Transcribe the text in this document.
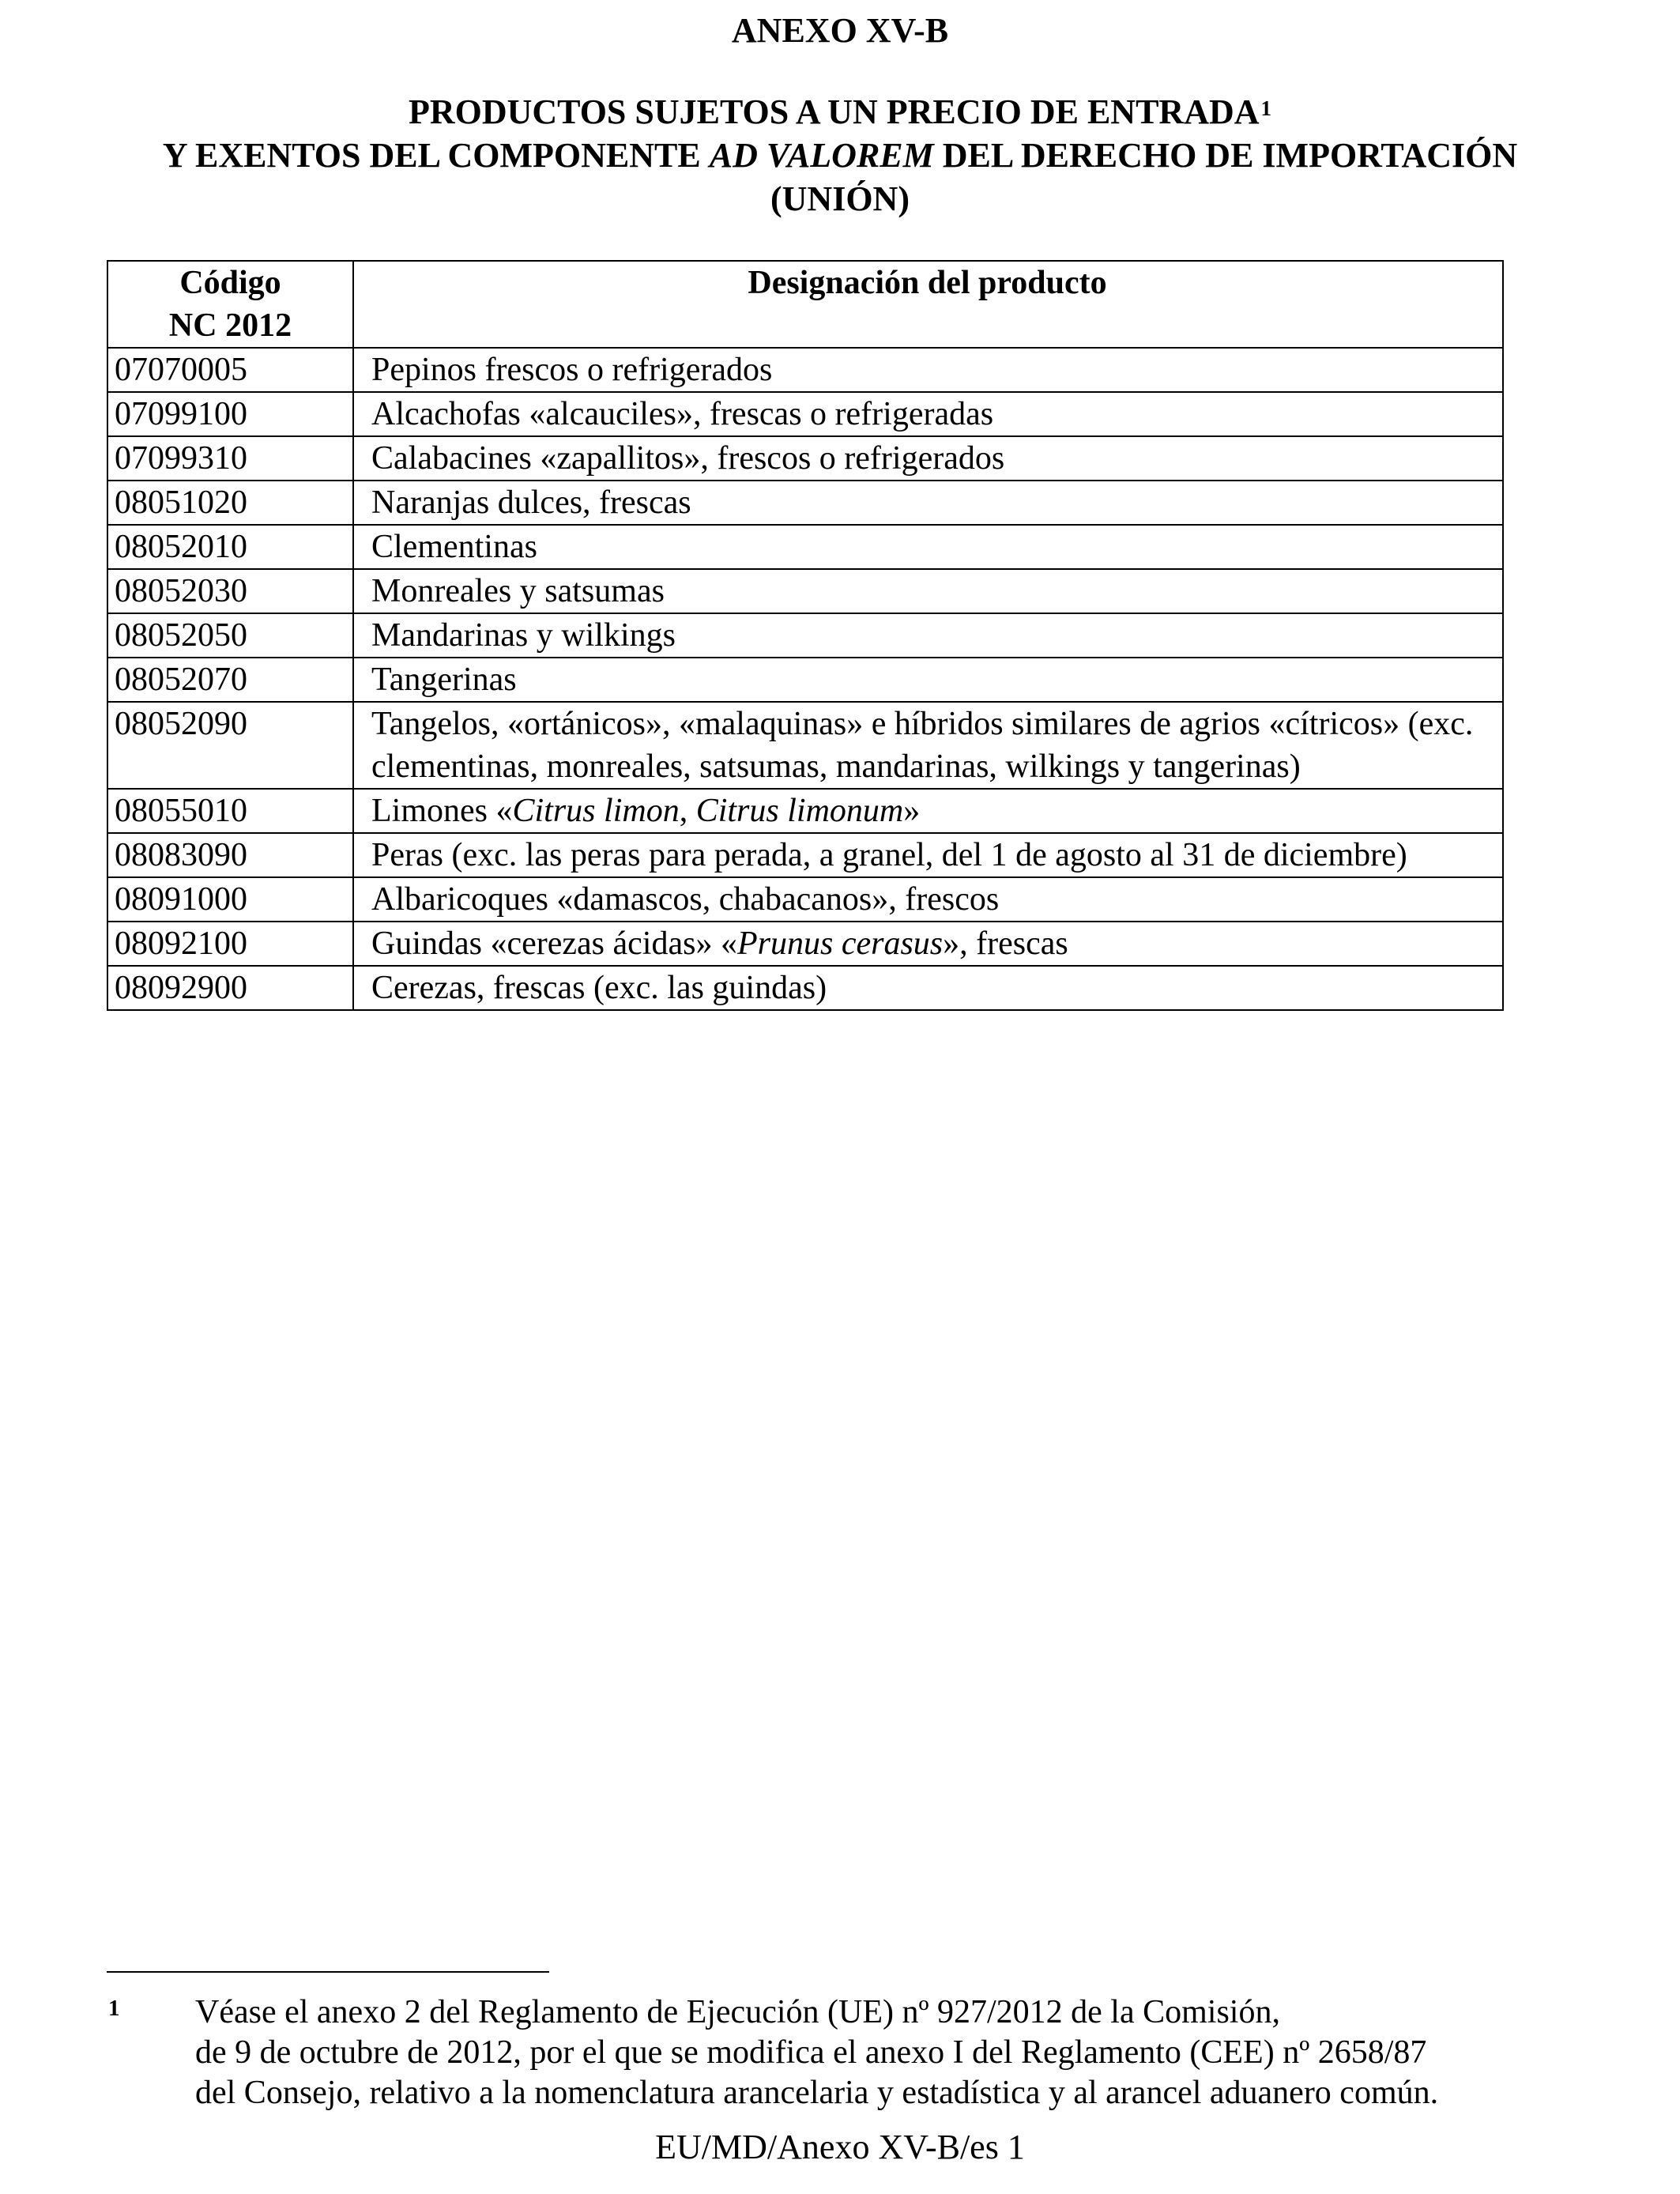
ANEXO XV-B
PRODUCTOS SUJETOS A UN PRECIO DE ENTRADA$^1$
Y EXENTOS DEL COMPONENTE AD VALOREM DEL DERECHO DE IMPORTACIÓN
(UNIÓN)
Código
NC 2012	Designación del producto
07070005	Pepinos frescos o refrigerados
07099100	Alcachofas «alcauciles», frescas o refrigeradas
07099310	Calabacines «zapallitos», frescos o refrigerados
08051020	Naranjas dulces, frescas
08052010	Clementinas
08052030	Monreales y satsumas
08052050	Mandarinas y wilkings
08052070	Tangerinas
08052090	Tangelos, «ortánicos», «malaquinas» e híbridos similares de agrios «cítricos» (exc. clementinas, monreales, satsumas, mandarinas, wilkings y tangerinas)
08055010	Limones «Citrus limon, Citrus limonum»
08083090	Peras (exc. las peras para perada, a granel, del 1 de agosto al 31 de diciembre)
08091000	Albaricoques «damascos, chabacanos», frescos
08092100	Guindas «cerezas ácidas» «Prunus cerasus», frescas
08092900	Cerezas, frescas (exc. las guindas)
1 Véase el anexo 2 del Reglamento de Ejecución (UE) nº 927/2012 de la Comisión,
de 9 de octubre de 2012, por el que se modifica el anexo I del Reglamento (CEE) nº 2658/87
del Consejo, relativo a la nomenclatura arancelaria y estadística y al arancel aduanero común.
EU/MD/Anexo XV-B/es 1
